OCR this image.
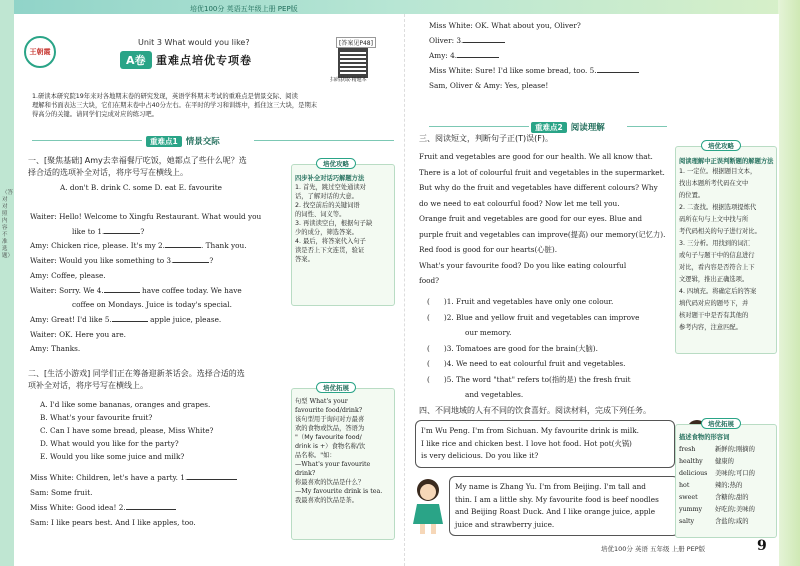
培优100分 英语五年级上册 PEP版
王朝霞
Unit 3 What would you like?
A卷 重难点培优专项卷
[答案见P48]
扫码获取·精题本
1.研读本研究院19年来对各地期末卷的研究发现，英语学科期末考试的重难点是情景交际、阅读
理解和书面表达三大块，它们在期末卷中占40分左右。在平时的学习和训练中，抓住这三大块，是期末
得高分的关键。请同学们完成对应的练习吧。
重难点1 情景交际
一、[聚焦基础] Amy去幸福餐厅吃饭，她都点了些什么呢？选
择合适的选项补全对话，将序号写在横线上。
A. don't B. drink C. some D. eat E. favourite
Waiter: Hello! Welcome to Xingfu Restaurant. What would you
like to 1.	?
Amy: Chicken rice, please. It's my 2.	. Thank you.
Waiter: Would you like something to 3.	?
Amy: Coffee, please.
Waiter: Sorry. We 4.	have coffee today. We have
coffee on Mondays. Juice is today's special.
Amy: Great! I'd like 5.	apple juice, please.
Waiter: OK. Here you are.
Amy: Thanks.
二、[生活小游戏] 同学们正在筹备迎新茶话会。选择合适的选
项补全对话，将序号写在横线上。
A. I'd like some bananas, oranges and grapes.
B. What's your favourite fruit?
C. Can I have some bread, please, Miss White?
D. What would you like for the party?
E. Would you like some juice and milk?
Miss White: Children, let's have a party. 1.
Sam: Some fruit.
Miss White: Good idea! 2.
Sam: I like pears best. And I like apples, too.
培优攻略
四步补全对话巧解题方法
1. 首先，跳过空处通读对
话，了解对话的大意。
2. 找空前后的关键词语
的词性、词义等。
3. 再读读空白，根据句子缺
少的成分，筛选答案。
4. 最后，将答案代入句子
读是否上下文连贯，验证
答案。
培优拓展
句型 What's your
favourite food/drink?
该句型用于询问对方最喜
欢的食物或饮品，答语为
"（My favourite food/
drink is +）食物名称/饮
品名称。"如：
—What's your favourite
drink?
你最喜欢的饮品是什么？
—My favourite drink is tea.
我最喜欢的饮品是茶。
（答对对照内容不准选题）
Miss White: OK. What about you, Oliver?
Oliver: 3.
Amy: 4.
Miss White: Sure! I'd like some bread, too. 5.
Sam, Oliver & Amy: Yes, please!
重难点2 阅读理解
三、阅读短文，判断句子正(T)误(F)。
Fruit and vegetables are good for our health. We all know that.
There is a lot of colourful fruit and vegetables in the supermarket.
But why do the fruit and vegetables have different colours? Why
do we need to eat colourful food? Now let me tell you.
Orange fruit and vegetables are good for our eyes. Blue and
purple fruit and vegetables can improve(提高) our memory(记忆力).
Red food is good for our hearts(心脏).
What's your favourite food? Do you like eating colourful
food?
( )1. Fruit and vegetables have only one colour.
( )2. Blue and yellow fruit and vegetables can improve
our memory.
( )3. Tomatoes are good for the brain(大脑).
( )4. We need to eat colourful fruit and vegetables.
( )5. The word "that" refers to(指的是) the fresh fruit
and vegetables.
四、不同地域的人有不同的饮食喜好。阅读材料，完成下列任务。
I'm Wu Peng. I'm from Sichuan. My favourite drink is milk.
I like rice and chicken best. I love hot food. Hot pot(火锅)
is very delicious. Do you like it?
My name is Zhang Yu. I'm from Beijing. I'm tall and
thin. I am a little shy. My favourite food is beef noodles
and Beijing Roast Duck. And I like orange juice, apple
juice and strawberry juice.
培优攻略
阅读理解中正误判断题的解题方法
1. 一定位。根据题目文本，
找出本题所考代码在文中
的位置。
2. 二查找。根据选项提炼代
码所在句与上文中找与所
考代码相关的句子进行对比。
3. 三分析。用找到的词汇
或句子与题干中的信息进行
对比，看内容是否符合上下
文逻辑，推出正确选项。
4. 四填充。将确定后的答案
填代码对应的题号下，并
核对题干中是否有其他的
参考内容，注意匹配。
培优拓展
描述食物的形容词
fresh	新鲜的;刚摘的
healthy 健康的
delicious 美味的;可口的
hot	辣的;热的
sweet	含糖的;甜的
yummy 好吃的;美味的
salty	含盐的;咸的
培优100分 英语 五年级 上册 PEP版	9
